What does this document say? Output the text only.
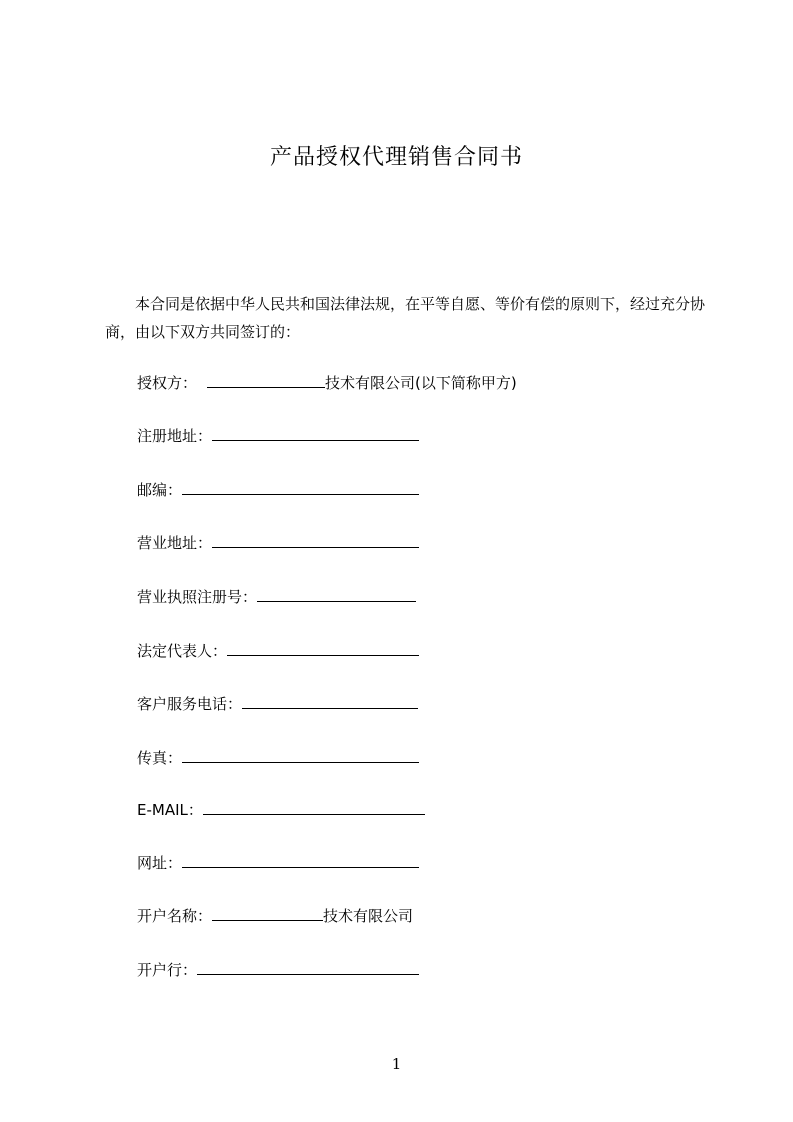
产品授权代理销售合同书
本合同是依据中华人民共和国法律法规，在平等自愿、等价有偿的原则下，经过充分协商，由以下双方共同签订的：
授权方：	技术有限公司(以下简称甲方)
注册地址：
邮编：
营业地址：
营业执照注册号：
法定代表人：
客户服务电话：
传真：
E-MAIL：
网址：
开户名称：	技术有限公司
开户行：
1
